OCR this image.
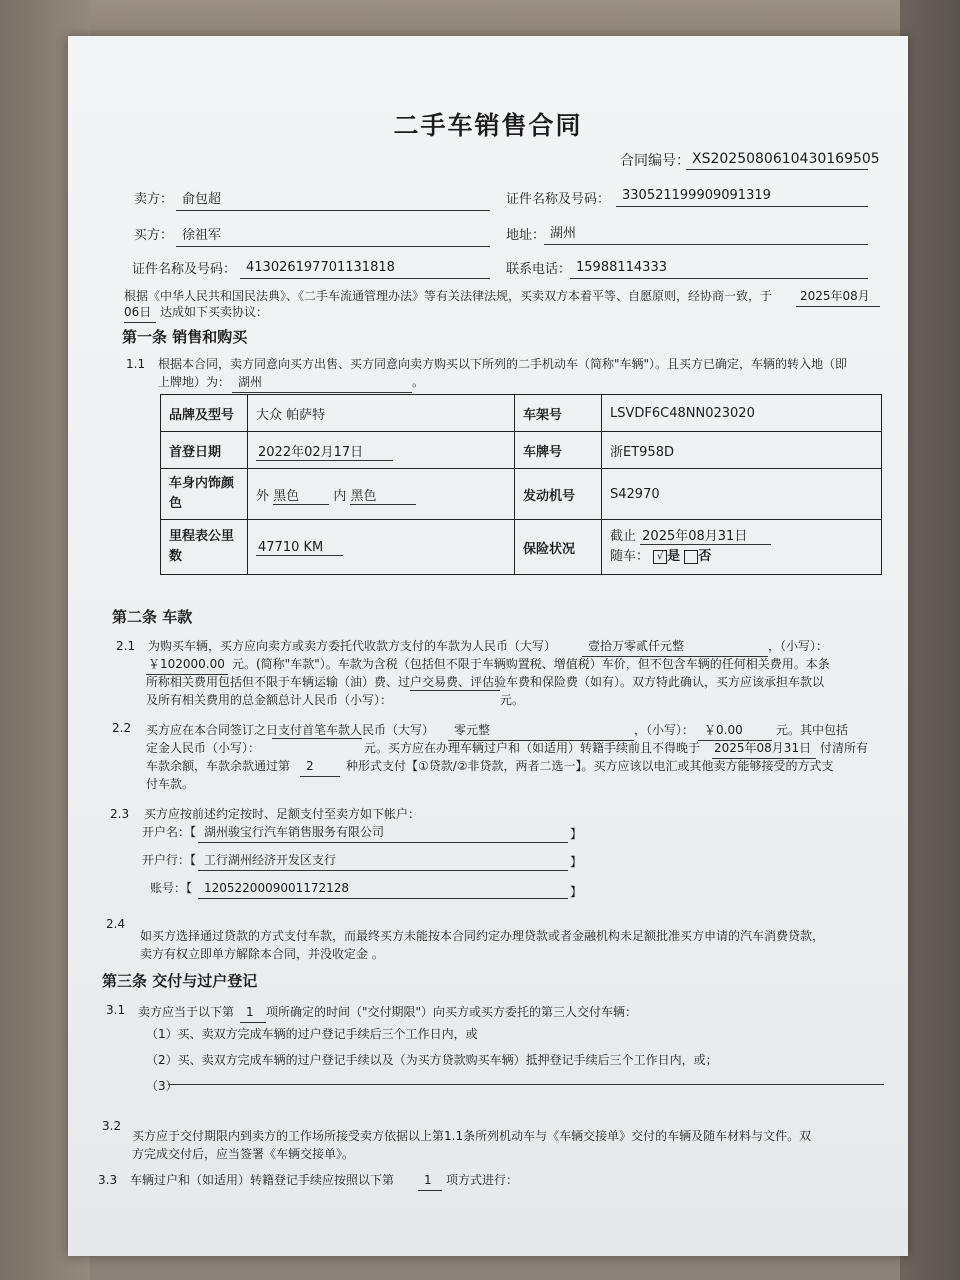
二手车销售合同
合同编号： XS2025080610430169505
卖方： 俞包超	证件名称及号码： 330521199909091319
买方： 徐祖军	地址： 湖州
证件名称及号码： 413026197701131818	联系电话： 15988114333
根据《中华人民共和国民法典》、《二手车流通管理办法》等有关法律法规，买卖双方本着平等、自愿原则，经协商一致，于	2025年08月
06日 达成如下买卖协议：
第一条 销售和购买
1.1 根据本合同，卖方同意向买方出售、买方同意向卖方购买以下所列的二手机动车（简称"车辆"）。且买方已确定，车辆的转入地（即
上牌地）为： 湖州	。
品牌及型号	大众 帕萨特	车架号	LSVDF6C48NN023020
首登日期	2022年02月17日	车牌号	浙ET958D
车身内饰颜
色	外 黑色 内 黑色	发动机号	S42970
里程表公里
数	47710 KM	保险状况	截止 2025年08月31日
随车： √ 是 否
第二条 车款
2.1 为购买车辆，买方应向卖方或卖方委托代收款方支付的车款为人民币（大写）	壹拾万零贰仟元整	，（小写）：
￥102000.00 元。(简称"车款"）。车款为含税（包括但不限于车辆购置税、增值税）车价，但不包含车辆的任何相关费用。本条
所称相关费用包括但不限于车辆运输（油）费、过户交易费、评估验车费和保险费（如有）。双方特此确认，买方应该承担车款以
及所有相关费用的总金额总计人民币（小写）：	元。
2.2 买方应在本合同签订之日支付首笔车款人民币（大写）	零元整	，（小写）： ￥0.00	元。其中包括
定金人民币（小写）：	元。买方应在办理车辆过户和（如适用）转籍手续前且不得晚于 2025年08月31日 付清所有
车款余额，车款余款通过第	2	种形式支付【①贷款/②非贷款，两者二选一】。买方应该以电汇或其他卖方能够接受的方式支
付车款。
2.3 买方应按前述约定按时、足额支付至卖方如下帐户：
开户名：【 湖州骏宝行汽车销售服务有限公司	】
开户行：【 工行湖州经济开发区支行	】
账号：【 1205220009001172128	】
2.4
如买方选择通过贷款的方式支付车款，而最终买方未能按本合同约定办理贷款或者金融机构未足额批准买方申请的汽车消费贷款，
卖方有权立即单方解除本合同，并没收定金 。
第三条 交付与过户登记
3.1 卖方应当于以下第 1	项所确定的时间（"交付期限"）向买方或买方委托的第三人交付车辆：
（1）买、卖双方完成车辆的过户登记手续后三个工作日内，或
（2）买、卖双方完成车辆的过户登记手续以及（为买方贷款购买车辆）抵押登记手续后三个工作日内，或；
（3）
3.2
买方应于交付期限内到卖方的工作场所接受卖方依据以上第1.1条所列机动车与《车辆交接单》交付的车辆及随车材料与文件。双
方完成交付后，应当签署《车辆交接单》。
3.3 车辆过户和（如适用）转籍登记手续应按照以下第	1	项方式进行：
